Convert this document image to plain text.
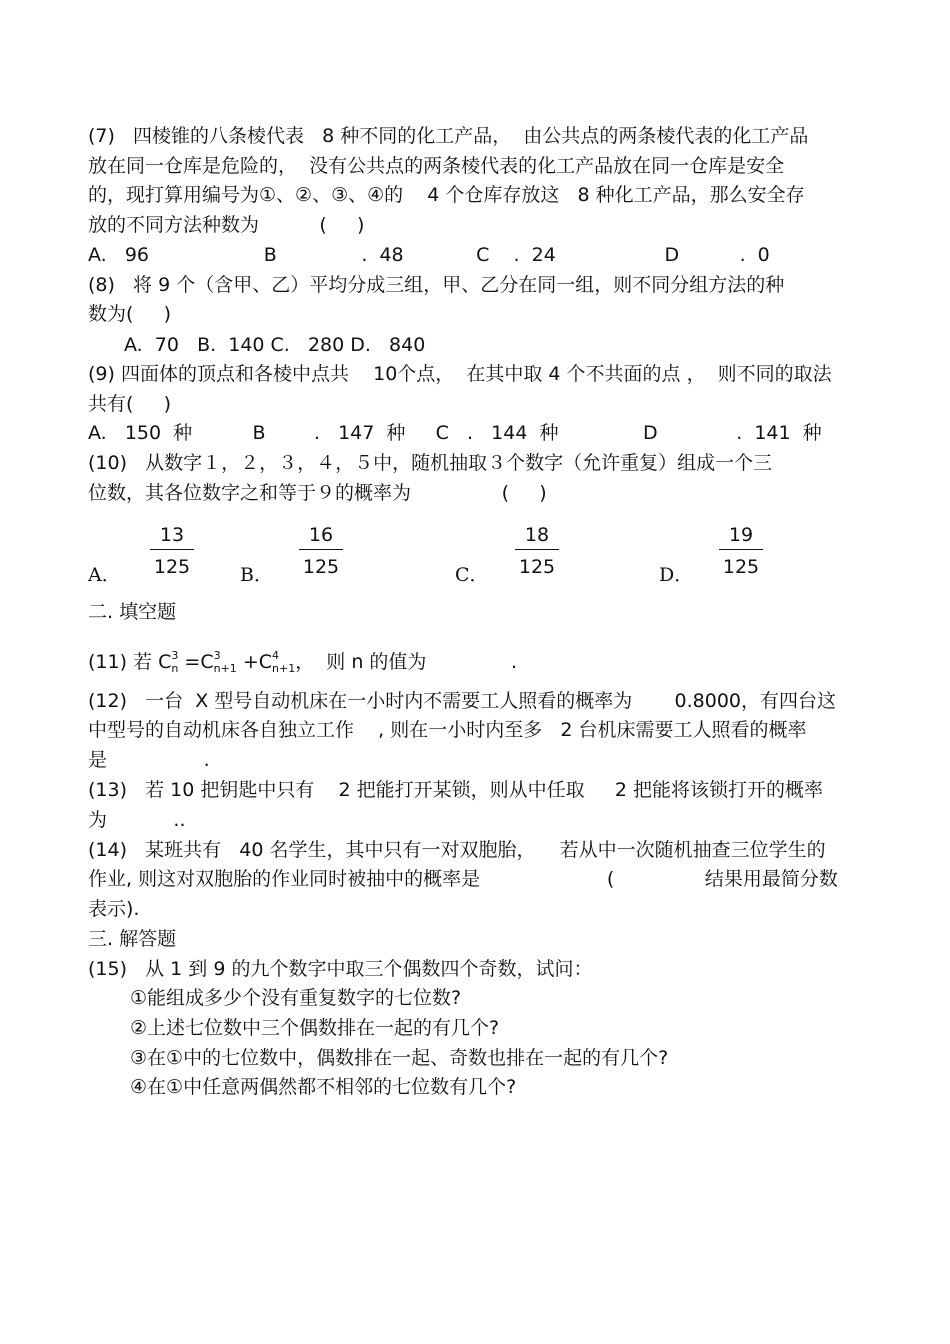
(7)   四棱锥的八条棱代表   8 种不同的化工产品，  由公共点的两条棱代表的化工产品
放在同一仓库是危险的，  没有公共点的两条棱代表的化工产品放在同一仓库是安全
的，现打算用编号为①、②、③、④的    4 个仓库存放这   8 种化工产品，那么安全存
放的不同方法种数为          (     )
A.   96                   B              .  48            C    .  24                  D          .  0
(8)   将 9 个（含甲、乙）平均分成三组，甲、乙分在同一组，则不同分组方法的种
数为(     )
A.  70   B.  140 C.   280 D.   840
(9) 四面体的顶点和各棱中点共    10个点，  在其中取 4 个不共面的点 ，  则不同的取法
共有(     )
A.   150  种          B        .   147  种     C   .   144  种              D             .  141  种
(10)   从数字１，２，３，４，５中，随机抽取３个数字（允许重复）组成一个三
位数，其各位数字之和等于９的概率为               (     )
A． $\frac{13}{125}$ B． $\frac{16}{125}$	C． $\frac{18}{125}$	D． $\frac{19}{125}$
二. 填空题
(11) 若 $C^3_n =C^3_{n+1} +C^4_{n+1}$，  则 n 的值为              .
(12)   一台  X 型号自动机床在一小时内不需要工人照看的概率为       0.8000，有四台这
中型号的自动机床各自独立工作    , 则在一小时内至多   2 台机床需要工人照看的概率
是                .
(13)   若 10 把钥匙中只有    2 把能打开某锁，则从中任取     2 把能将该锁打开的概率
为           ..
(14)   某班共有   40 名学生，其中只有一对双胞胎，    若从中一次随机抽查三位学生的
作业, 则这对双胞胎的作业同时被抽中的概率是                     (               结果用最简分数
表示).
三. 解答题
(15)   从 1 到 9 的九个数字中取三个偶数四个奇数，试问：
①能组成多少个没有重复数字的七位数?
②上述七位数中三个偶数排在一起的有几个?
③在①中的七位数中，偶数排在一起、奇数也排在一起的有几个?
④在①中任意两偶然都不相邻的七位数有几个?
